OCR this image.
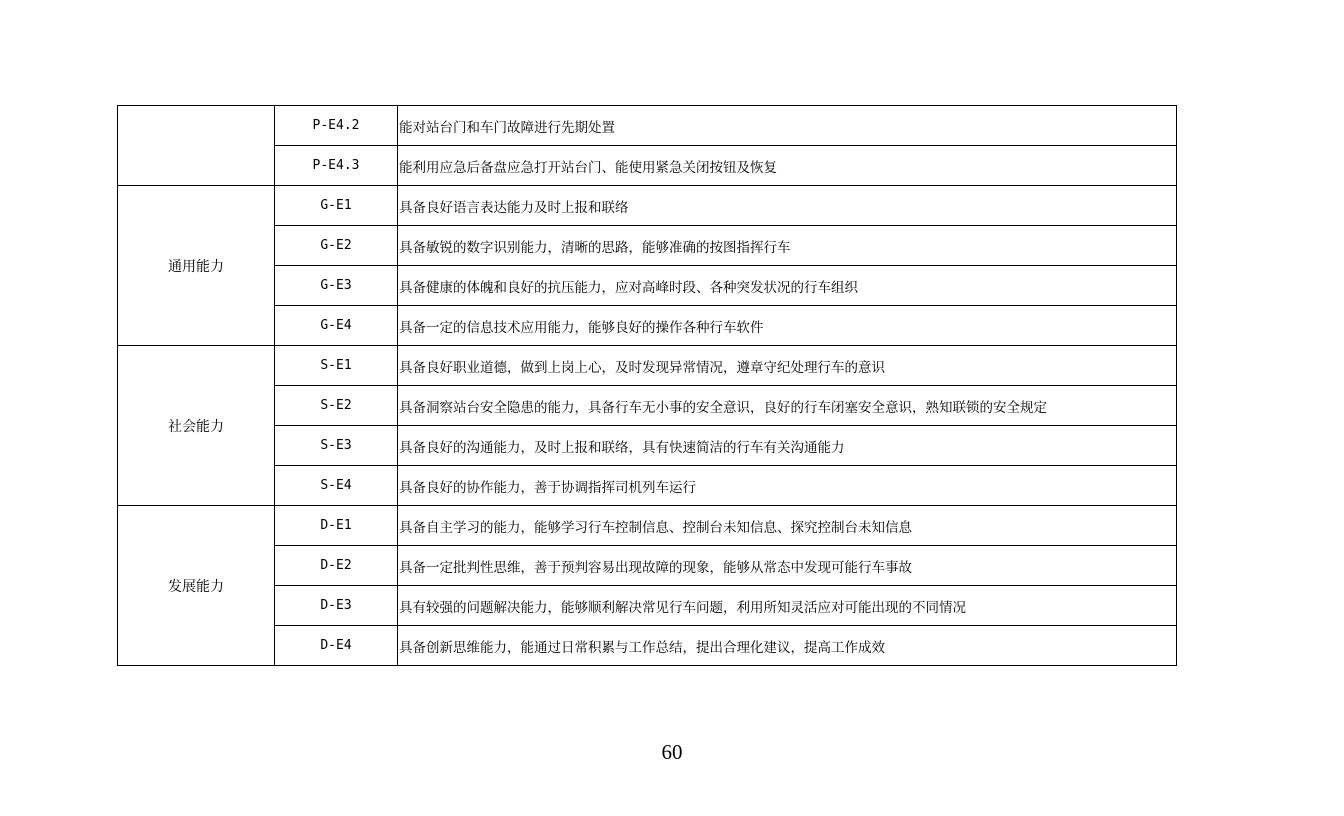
	P-E4.2	能对站台门和车门故障进行先期处置
	P-E4.3	能利用应急后备盘应急打开站台门、能使用紧急关闭按钮及恢复
通用能力	G-E1	具备良好语言表达能力及时上报和联络
	G-E2	具备敏锐的数字识别能力，清晰的思路，能够准确的按图指挥行车
	G-E3	具备健康的体魄和良好的抗压能力，应对高峰时段、各种突发状况的行车组织
	G-E4	具备一定的信息技术应用能力，能够良好的操作各种行车软件
社会能力	S-E1	具备良好职业道德，做到上岗上心，及时发现异常情况，遵章守纪处理行车的意识
	S-E2	具备洞察站台安全隐患的能力，具备行车无小事的安全意识，良好的行车闭塞安全意识，熟知联锁的安全规定
	S-E3	具备良好的沟通能力，及时上报和联络，具有快速简洁的行车有关沟通能力
	S-E4	具备良好的协作能力，善于协调指挥司机列车运行
发展能力	D-E1	具备自主学习的能力，能够学习行车控制信息、控制台未知信息、探究控制台未知信息
	D-E2	具备一定批判性思维，善于预判容易出现故障的现象，能够从常态中发现可能行车事故
	D-E3	具有较强的问题解决能力，能够顺利解决常见行车问题，利用所知灵活应对可能出现的不同情况
	D-E4	具备创新思维能力，能通过日常积累与工作总结，提出合理化建议，提高工作成效
60
